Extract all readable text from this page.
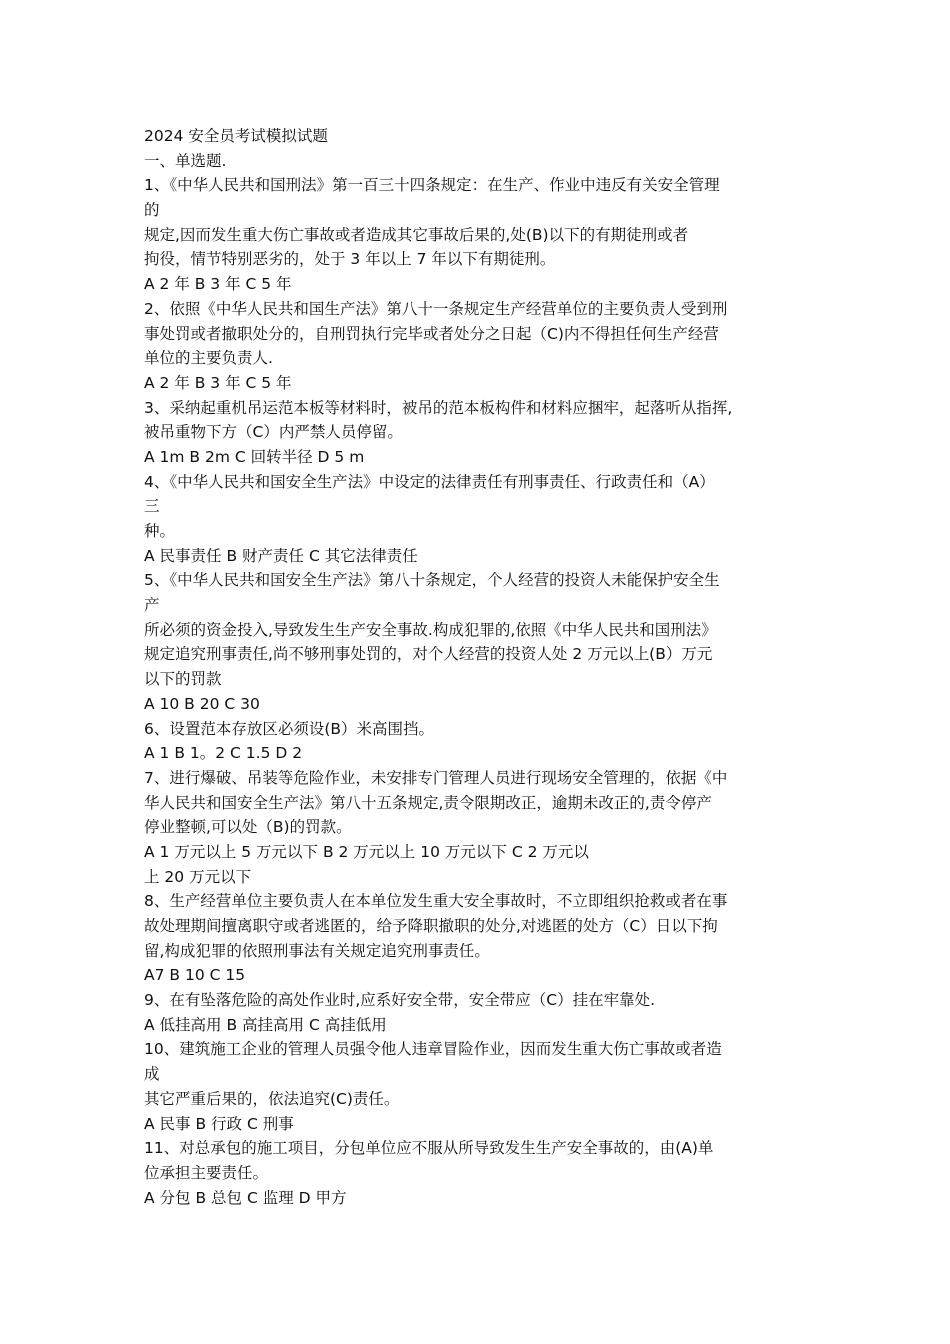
2024 安全员考试模拟试题
一、单选题.
1、《中华人民共和国刑法》第一百三十四条规定：在生产、作业中违反有关安全管理
的
规定,因而发生重大伤亡事故或者造成其它事故后果的,处(B)以下的有期徒刑或者
拘役，情节特别恶劣的，处于 3 年以上 7 年以下有期徒刑。
A 2 年 B 3 年 C 5 年
2、依照《中华人民共和国生产法》第八十一条规定生产经营单位的主要负责人受到刑
事处罚或者撤职处分的，自刑罚执行完毕或者处分之日起（C)内不得担任何生产经营
单位的主要负责人.
A 2 年 B 3 年 C 5 年
3、采纳起重机吊运范本板等材料时，被吊的范本板构件和材料应捆牢，起落听从指挥,
被吊重物下方（C）内严禁人员停留。
A 1m B 2m C 回转半径 D 5 m
4、《中华人民共和国安全生产法》中设定的法律责任有刑事责任、行政责任和（A）
三
种。
A 民事责任 B 财产责任 C 其它法律责任
5、《中华人民共和国安全生产法》第八十条规定，个人经营的投资人未能保护安全生
产
所必须的资金投入,导致发生生产安全事故.构成犯罪的,依照《中华人民共和国刑法》
规定追究刑事责任,尚不够刑事处罚的，对个人经营的投资人处 2 万元以上(B）万元
以下的罚款
A 10 B 20 C 30
6、设置范本存放区必须设(B）米高围挡。
A 1 B 1。2 C 1.5 D 2
7、进行爆破、吊装等危险作业，未安排专门管理人员进行现场安全管理的，依据《中
华人民共和国安全生产法》第八十五条规定,责令限期改正，逾期未改正的,责令停产
停业整顿,可以处（B)的罚款。
A 1 万元以上 5 万元以下 B 2 万元以上 10 万元以下 C 2 万元以
上 20 万元以下
8、生产经营单位主要负责人在本单位发生重大安全事故时，不立即组织抢救或者在事
故处理期间擅离职守或者逃匿的，给予降职撤职的处分,对逃匿的处方（C）日以下拘
留,构成犯罪的依照刑事法有关规定追究刑事责任。
A7 B 10 C 15
9、在有坠落危险的高处作业时,应系好安全带，安全带应（C）挂在牢靠处.
A 低挂高用 B 高挂高用 C 高挂低用
10、建筑施工企业的管理人员强令他人违章冒险作业，因而发生重大伤亡事故或者造
成
其它严重后果的，依法追究(C)责任。
A 民事 B 行政 C 刑事
11、对总承包的施工项目，分包单位应不服从所导致发生生产安全事故的，由(A)单
位承担主要责任。
A 分包 B 总包 C 监理 D 甲方
